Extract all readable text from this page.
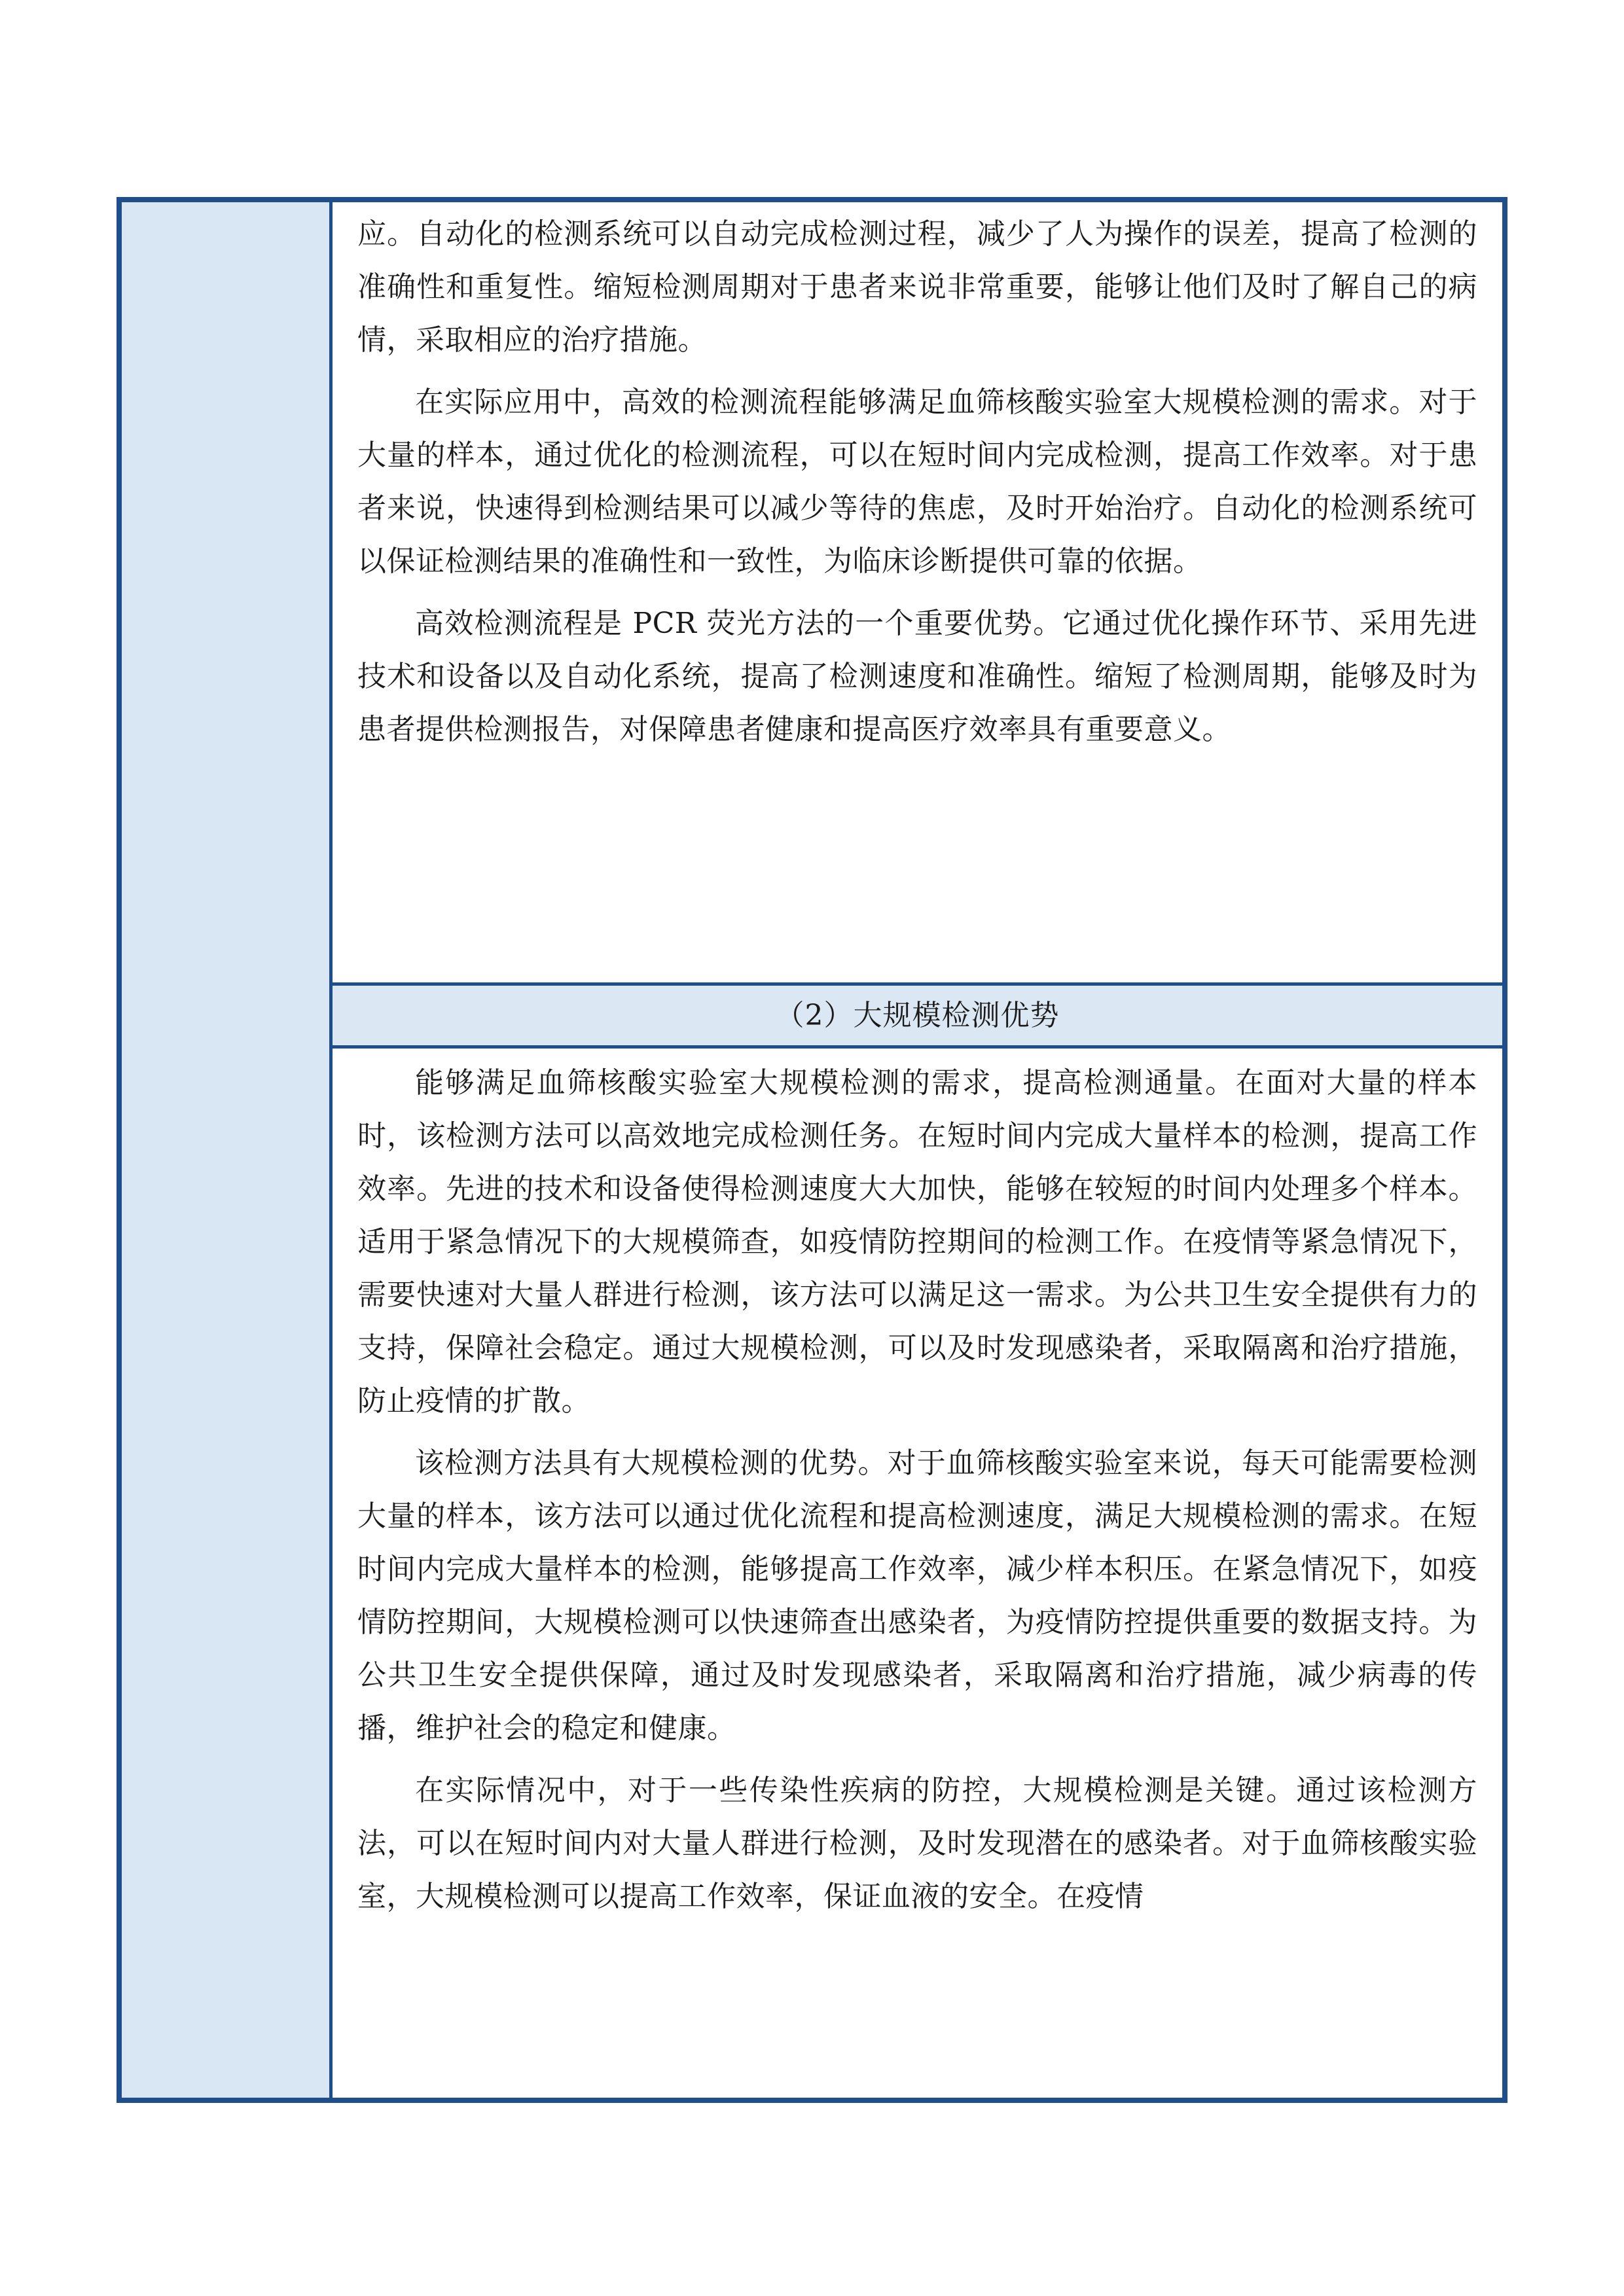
应。自动化的检测系统可以自动完成检测过程，减少了人为操作的误差，提高了检测的准确性和重复性。缩短检测周期对于患者来说非常重要，能够让他们及时了解自己的病情，采取相应的治疗措施。

在实际应用中，高效的检测流程能够满足血筛核酸实验室大规模检测的需求。对于大量的样本，通过优化的检测流程，可以在短时间内完成检测，提高工作效率。对于患者来说，快速得到检测结果可以减少等待的焦虑，及时开始治疗。自动化的检测系统可以保证检测结果的准确性和一致性，为临床诊断提供可靠的依据。

高效检测流程是 PCR 荧光方法的一个重要优势。它通过优化操作环节、采用先进技术和设备以及自动化系统，提高了检测速度和准确性。缩短了检测周期，能够及时为患者提供检测报告，对保障患者健康和提高医疗效率具有重要意义。

（2）大规模检测优势

能够满足血筛核酸实验室大规模检测的需求，提高检测通量。在面对大量的样本时，该检测方法可以高效地完成检测任务。在短时间内完成大量样本的检测，提高工作效率。先进的技术和设备使得检测速度大大加快，能够在较短的时间内处理多个样本。适用于紧急情况下的大规模筛查，如疫情防控期间的检测工作。在疫情等紧急情况下，需要快速对大量人群进行检测，该方法可以满足这一需求。为公共卫生安全提供有力的支持，保障社会稳定。通过大规模检测，可以及时发现感染者，采取隔离和治疗措施，防止疫情的扩散。

该检测方法具有大规模检测的优势。对于血筛核酸实验室来说，每天可能需要检测大量的样本，该方法可以通过优化流程和提高检测速度，满足大规模检测的需求。在短时间内完成大量样本的检测，能够提高工作效率，减少样本积压。在紧急情况下，如疫情防控期间，大规模检测可以快速筛查出感染者，为疫情防控提供重要的数据支持。为公共卫生安全提供保障，通过及时发现感染者，采取隔离和治疗措施，减少病毒的传播，维护社会的稳定和健康。

在实际情况中，对于一些传染性疾病的防控，大规模检测是关键。通过该检测方法，可以在短时间内对大量人群进行检测，及时发现潜在的感染者。对于血筛核酸实验室，大规模检测可以提高工作效率，保证血液的安全。在疫情
